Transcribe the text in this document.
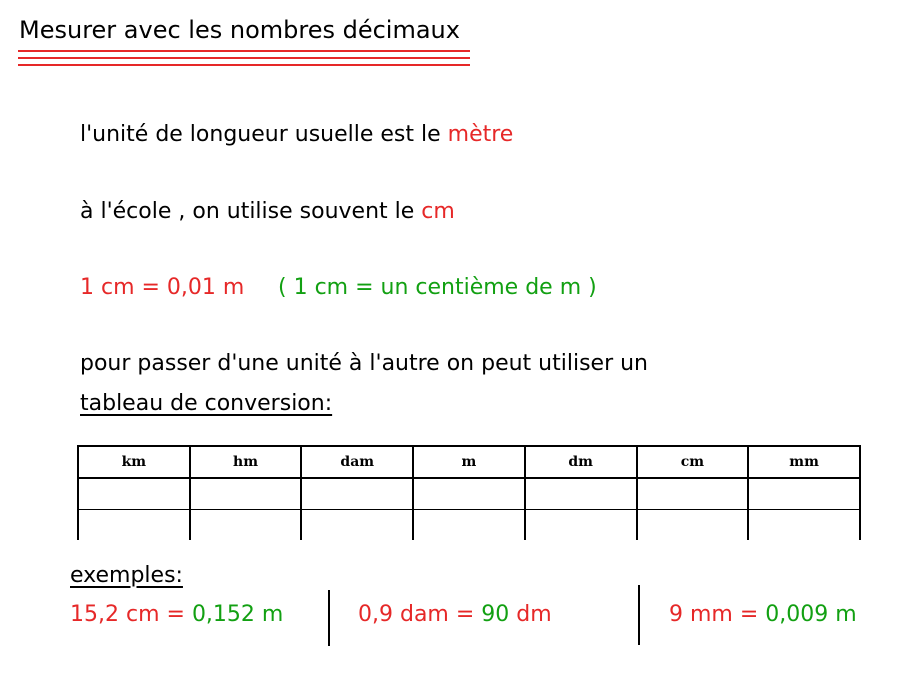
Mesurer avec les nombres décimaux
l'unité de longueur usuelle est le mètre
à l'école , on utilise souvent le cm
1 cm = 0,01 m ( 1 cm = un centième de m )
pour passer d'une unité à l'autre on peut utiliser un
tableau de conversion:
km	hm	dam	m	dm	cm	mm

exemples:
15,2 cm = 0,152 m	0,9 dam = 90 dm	9 mm = 0,009 m
